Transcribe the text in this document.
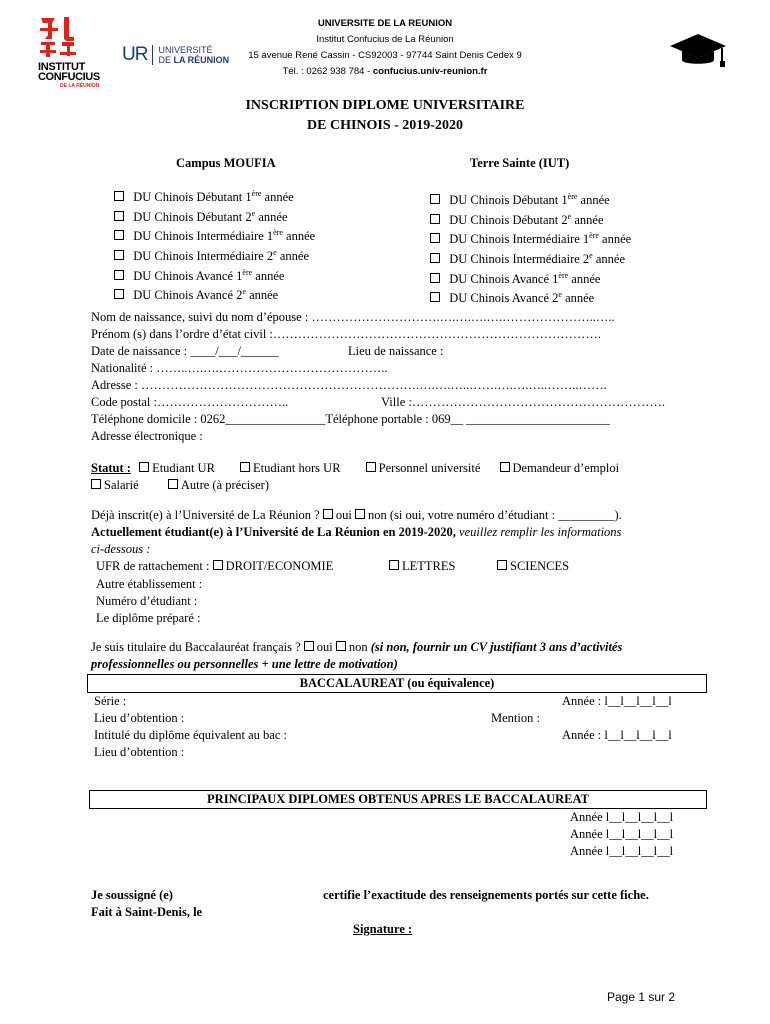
INSTITUT
CONFUCIUS
DE LA RÉUNION
UR UNIVERSITÉ
DE LA RÉUNION
UNIVERSITE DE LA REUNION
Institut Confucius de La Réunion
15 avenue René Cassin - CS92003 - 97744 Saint Denis Cedex 9
Tél. : 0262 938 784 - confucius.univ-reunion.fr
INSCRIPTION DIPLOME UNIVERSITAIRE
DE CHINOIS - 2019-2020
Campus MOUFIA	Terre Sainte (IUT)
DU Chinois Débutant 1ère année
DU Chinois Débutant 2e année
DU Chinois Intermédiaire 1ère année
DU Chinois Intermédiaire 2e année
DU Chinois Avancé 1ère année
DU Chinois Avancé 2e année
DU Chinois Débutant 1ère année
DU Chinois Débutant 2e année
DU Chinois Intermédiaire 1ère année
DU Chinois Intermédiaire 2e année
DU Chinois Avancé 1ère année
DU Chinois Avancé 2e année
Nom de naissance, suivi du nom d’épouse : ………………………….….….….….…………………..…..
Prénom (s) dans l’ordre d’état civil :…………………………………………………………………….
Date de naissance : ____/___/______	Lieu de naissance :
Nationalité : ……..….….…………………………………..
Adresse : ………………………………………………………….….….…..…….….….…..……..…….
Code postal :…………………………..	Ville :…………………………………………………….
Téléphone domicile : 0262________________ Téléphone portable : 069__ _______________________
Adresse électronique :
Statut : Etudiant UR	Etudiant hors UR	Personnel université	Demandeur d’emploi
Salarié	Autre (à préciser)
Déjà inscrit(e) à l’Université de La Réunion ? oui non (si oui, votre numéro d’étudiant : _________).
Actuellement étudiant(e) à l’Université de La Réunion en 2019-2020, veuillez remplir les informations
ci-dessous :
UFR de rattachement : DROIT/ECONOMIE	LETTRES	SCIENCES
Autre établissement :
Numéro d’étudiant :
Le diplôme préparé :
Je suis titulaire du Baccalauréat français ? oui non (si non, fournir un CV justifiant 3 ans d’activités
professionnelles ou personnelles + une lettre de motivation)
BACCALAUREAT (ou équivalence)
Série :	Année : l__l__l__l__l
Lieu d’obtention :	Mention :
Intitulé du diplôme équivalent au bac :	Année : l__l__l__l__l
Lieu d’obtention :
PRINCIPAUX DIPLOMES OBTENUS APRES LE BACCALAUREAT
Année l__l__l__l__l
Année l__l__l__l__l
Année l__l__l__l__l
Je soussigné (e)	certifie l’exactitude des renseignements portés sur cette fiche.
Fait à Saint-Denis, le
Signature :
Page 1 sur 2
